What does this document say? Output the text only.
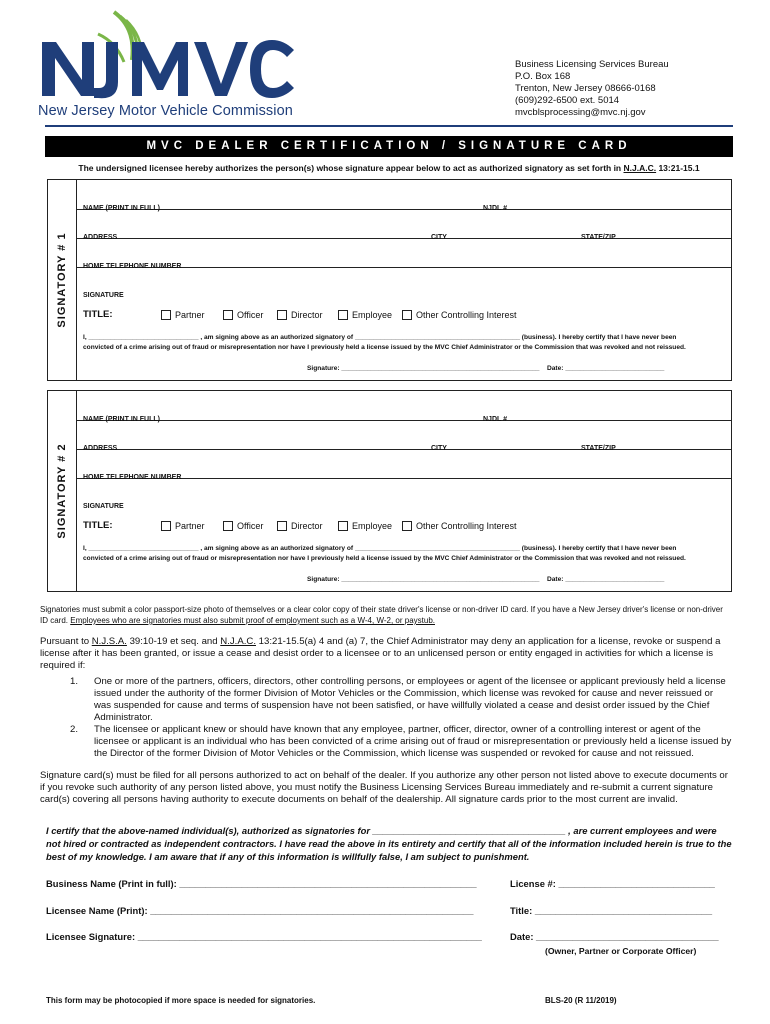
New Jersey Motor Vehicle Commission
Business Licensing Services Bureau
P.O. Box 168
Trenton, New Jersey 08666-0168
(609)292-6500 ext. 5014
mvcblsprocessing@mvc.nj.gov
MVC DEALER CERTIFICATION / SIGNATURE CARD
The undersigned licensee hereby authorizes the person(s) whose signature appear below to act as authorized signatory as set forth in N.J.A.C. 13:21-15.1
SIGNATORY # 1
NAME (PRINT IN FULL)	NJDL #
ADDRESS	CITY	STATE/ZIP
HOME TELEPHONE NUMBER
SIGNATURE
TITLE:	Partner	Officer	Director	Employee	Other Controlling Interest
I, ______________________________ , am signing above as an authorized signatory of _____________________________________________ (business). I hereby certify that I have never been convicted of a crime arising out of fraud or misrepresentation nor have I previously held a license issued by the MVC Chief Administrator or the Commission that was revoked and not reissued.
Signature: ______________________________________________________ Date: ___________________________
SIGNATORY # 2
NAME (PRINT IN FULL)	NJDL #
ADDRESS	CITY	STATE/ZIP
HOME TELEPHONE NUMBER
SIGNATURE
TITLE:	Partner	Officer	Director	Employee	Other Controlling Interest
I, ______________________________ , am signing above as an authorized signatory of _____________________________________________ (business). I hereby certify that I have never been convicted of a crime arising out of fraud or misrepresentation nor have I previously held a license issued by the MVC Chief Administrator or the Commission that was revoked and not reissued.
Signature: ______________________________________________________ Date: ___________________________
Signatories must submit a color passport-size photo of themselves or a clear color copy of their state driver's license or non-driver ID card. If you have a New Jersey driver's license or non-driver ID card. Employees who are signatories must also submit proof of employment such as a W-4, W-2, or paystub.
Pursuant to N.J.S.A. 39:10-19 et seq. and N.J.A.C. 13:21-15.5(a) 4 and (a) 7, the Chief Administrator may deny an application for a license, revoke or suspend a license after it has been granted, or issue a cease and desist order to a licensee or to an unlicensed person or entity engaged in activities for which a license is required if:
1. One or more of the partners, officers, directors, other controlling persons, or employees or agent of the licensee or applicant previously held a license issued under the authority of the former Division of Motor Vehicles or the Commission, which license was revoked for cause and never reissued or was suspended for cause and terms of suspension have not been satisfied, or have willfully violated a cease and desist order issued by the Chief Administrator.
2. The licensee or applicant knew or should have known that any employee, partner, officer, director, owner of a controlling interest or agent of the licensee or applicant is an individual who has been convicted of a crime arising out of fraud or misrepresentation or previously held a license issued by the Director of the former Division of Motor Vehicles or the Commission, which license was suspended or revoked for cause and not reissued.
Signature card(s) must be filed for all persons authorized to act on behalf of the dealer. If you authorize any other person not listed above to execute documents or if you revoke such authority of any person listed above, you must notify the Business Licensing Services Bureau immediately and re-submit a current signature card(s) covering all persons having authority to execute documents on behalf of the dealership. All signature cards prior to the most current are invalid.
I certify that the above-named individual(s), authorized as signatories for _____________________________________ , are current employees and were not hired or contracted as independent contractors. I have read the above in its entirety and certify that all of the information included herein is true to the best of my knowledge. I am aware that if any of this information is willfully false, I am subject to punishment.
Business Name (Print in full): _________________________________________________________	License #: ______________________________
Licensee Name (Print): ______________________________________________________________	Title: __________________________________
Licensee Signature: __________________________________________________________________	Date: ___________________________________
(Owner, Partner or Corporate Officer)
This form may be photocopied if more space is needed for signatories.	BLS-20 (R 11/2019)
